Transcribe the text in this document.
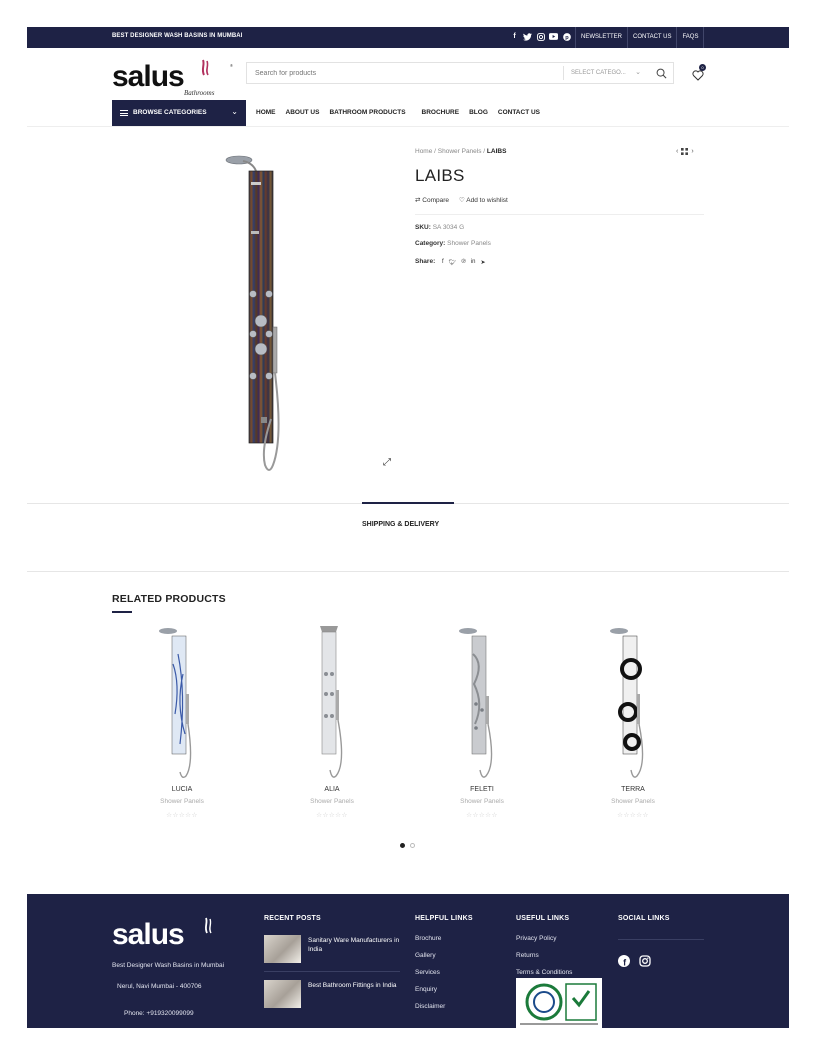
BEST DESIGNER WASH BASINS IN MUMBAI	f	p	NEWSLETTER	CONTACT US	FAQS
salus Bathrooms
®
Search for products
SELECT CATEGO... ⌄
0
BROWSE CATEGORIES	⌄	HOME ABOUT US BATHROOM PRODUCTS BROCHURE BLOG CONTACT US
⤢
Home / Shower Panels / LAIBS	‹ ›
LAIBS
⇄ Compare ♡ Add to wishlist
SKU: SA 3034 G
Category: Shower Panels
Share: f 🐦︎ ℗ in ➤
SHIPPING & DELIVERY
RELATED PRODUCTS
LUCIA
Shower Panels
☆☆☆☆☆
ALIA
Shower Panels
☆☆☆☆☆
FELETI
Shower Panels
☆☆☆☆☆
TERRA
Shower Panels
☆☆☆☆☆
salus
Best Designer Wash Basins in Mumbai
Nerul, Navi Mumbai - 400706
Phone: +919320099099
RECENT POSTS
Sanitary Ware Manufacturers in India
Best Bathroom Fittings in India
HELPFUL LINKS
Brochure
Gallery
Services
Enquiry
Disclaimer
USEFUL LINKS
Privacy Policy
Returns
Terms & Conditions
SOCIAL LINKS
f
